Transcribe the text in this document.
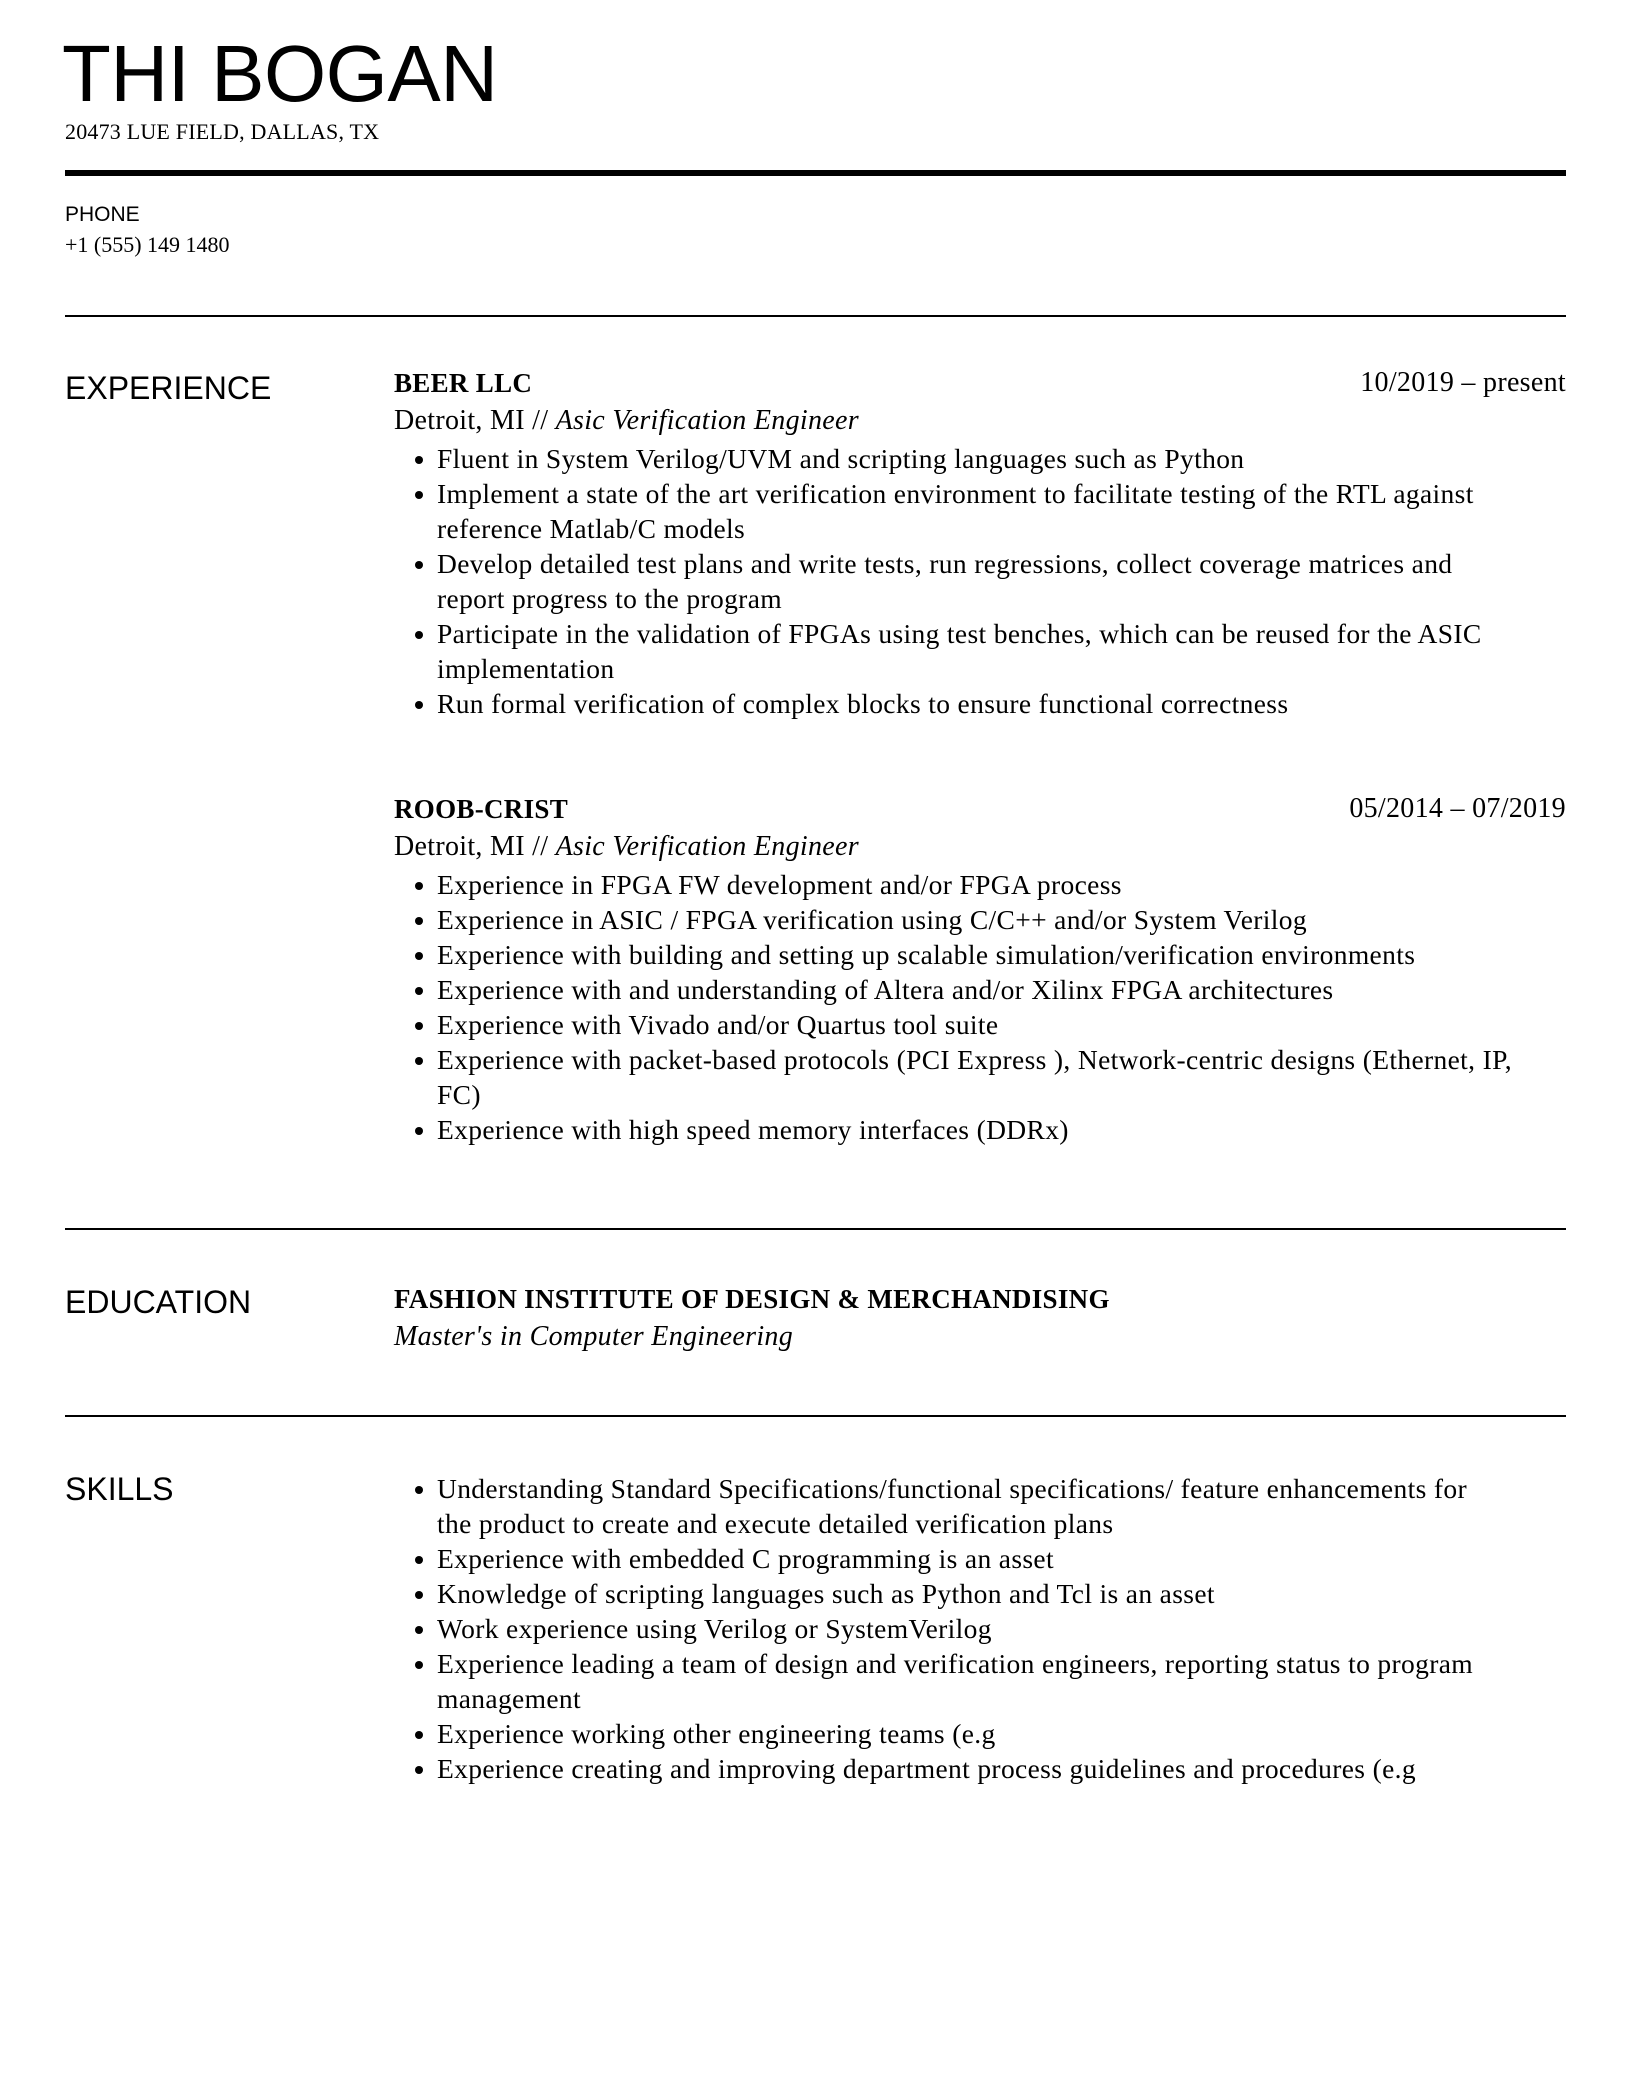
THI BOGAN
20473 LUE FIELD, DALLAS, TX
PHONE
+1 (555) 149 1480
EXPERIENCE	BEER LLC	10/2019 – present
Detroit, MI // Asic Verification Engineer
Fluent in System Verilog/UVM and scripting languages such as Python
Implement a state of the art verification environment to facilitate testing of the RTL against
reference Matlab/C models
Develop detailed test plans and write tests, run regressions, collect coverage matrices and
report progress to the program
Participate in the validation of FPGAs using test benches, which can be reused for the ASIC
implementation
Run formal verification of complex blocks to ensure functional correctness
ROOB-CRIST	05/2014 – 07/2019
Detroit, MI // Asic Verification Engineer
Experience in FPGA FW development and/or FPGA process
Experience in ASIC / FPGA verification using C/C++ and/or System Verilog
Experience with building and setting up scalable simulation/verification environments
Experience with and understanding of Altera and/or Xilinx FPGA architectures
Experience with Vivado and/or Quartus tool suite
Experience with packet-based protocols (PCI Express ), Network-centric designs (Ethernet, IP,
FC)
Experience with high speed memory interfaces (DDRx)
EDUCATION	FASHION INSTITUTE OF DESIGN & MERCHANDISING
Master's in Computer Engineering
SKILLS	Understanding Standard Specifications/functional specifications/ feature enhancements for
the product to create and execute detailed verification plans
Experience with embedded C programming is an asset
Knowledge of scripting languages such as Python and Tcl is an asset
Work experience using Verilog or SystemVerilog
Experience leading a team of design and verification engineers, reporting status to program
management
Experience working other engineering teams (e.g
Experience creating and improving department process guidelines and procedures (e.g
